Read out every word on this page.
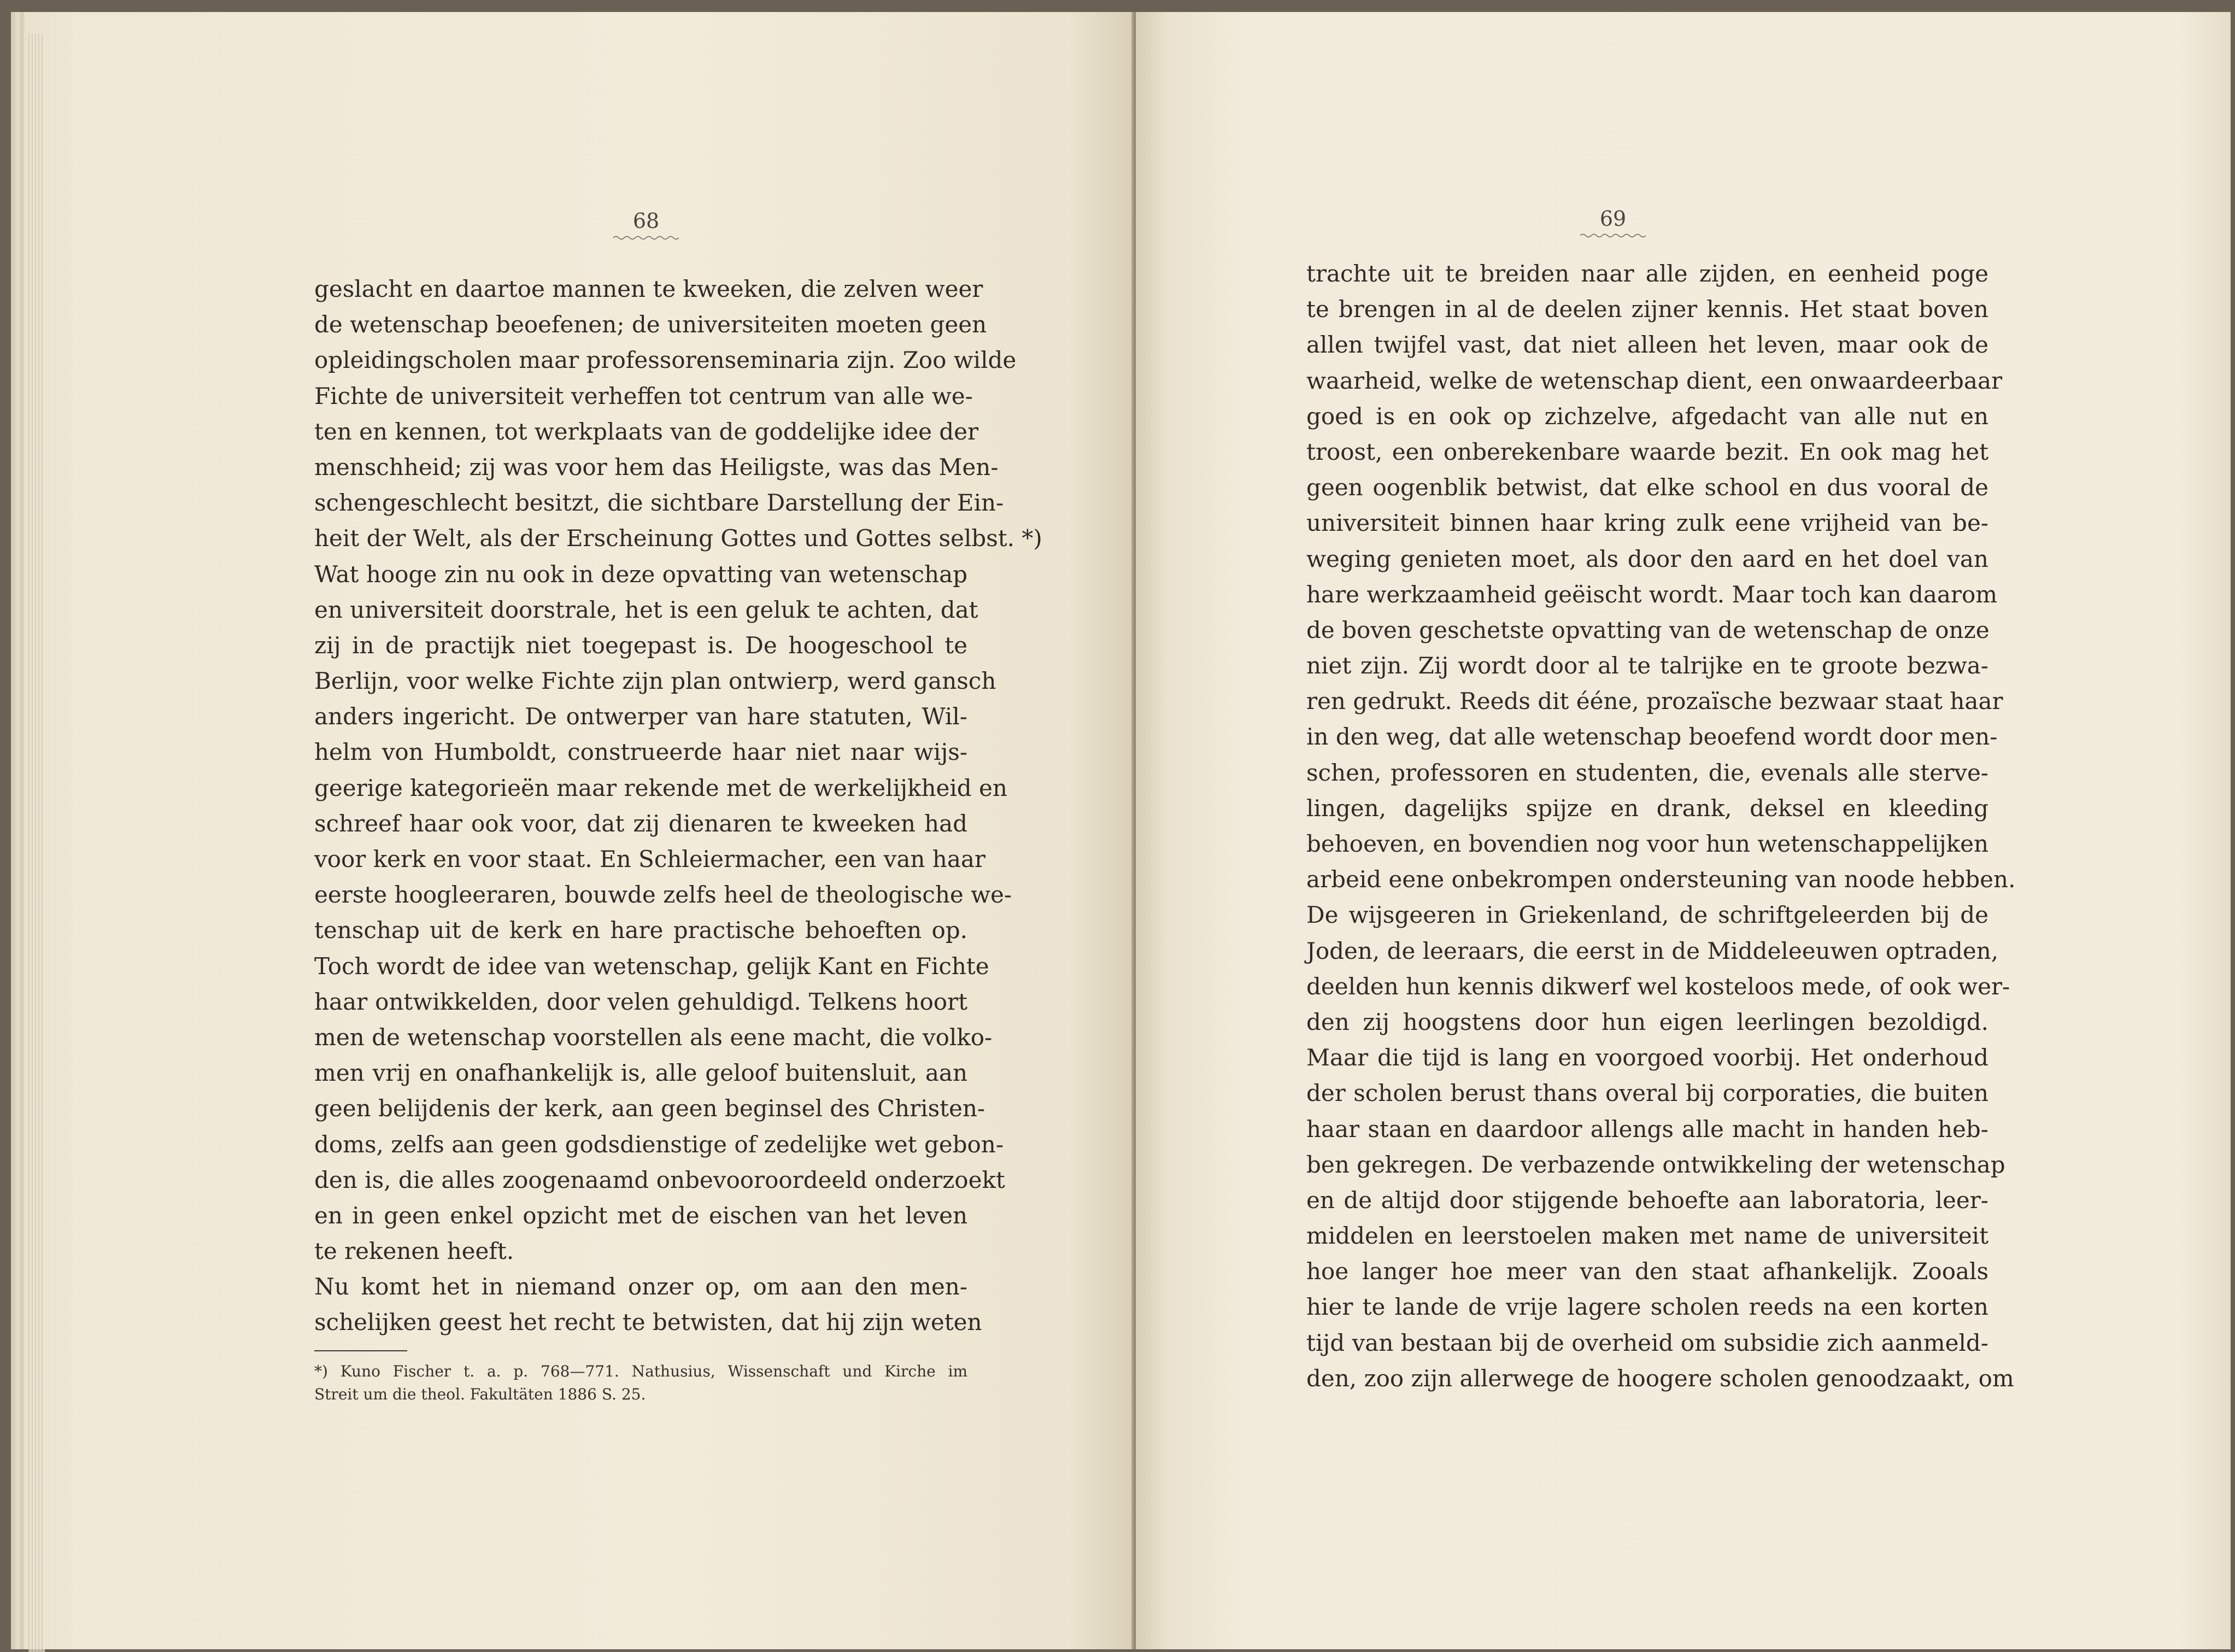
68
geslacht en daartoe mannen te kweeken, die zelven weer
de wetenschap beoefenen; de universiteiten moeten geen
opleidingscholen maar professorenseminaria zijn. Zoo wilde
Fichte de universiteit verheffen tot centrum van alle we-
ten en kennen, tot werkplaats van de goddelijke idee der
menschheid; zij was voor hem das Heiligste, was das Men-
schengeschlecht besitzt, die sichtbare Darstellung der Ein-
heit der Welt, als der Erscheinung Gottes und Gottes selbst. *)
Wat hooge zin nu ook in deze opvatting van wetenschap
en universiteit doorstrale, het is een geluk te achten, dat
zij in de practijk niet toegepast is. De hoogeschool te
Berlijn, voor welke Fichte zijn plan ontwierp, werd gansch
anders ingericht. De ontwerper van hare statuten, Wil-
helm von Humboldt, construeerde haar niet naar wijs-
geerige kategorieën maar rekende met de werkelijkheid en
schreef haar ook voor, dat zij dienaren te kweeken had
voor kerk en voor staat. En Schleiermacher, een van haar
eerste hoogleeraren, bouwde zelfs heel de theologische we-
tenschap uit de kerk en hare practische behoeften op.
Toch wordt de idee van wetenschap, gelijk Kant en Fichte
haar ontwikkelden, door velen gehuldigd. Telkens hoort
men de wetenschap voorstellen als eene macht, die volko-
men vrij en onafhankelijk is, alle geloof buitensluit, aan
geen belijdenis der kerk, aan geen beginsel des Christen-
doms, zelfs aan geen godsdienstige of zedelijke wet gebon-
den is, die alles zoogenaamd onbevooroordeeld onderzoekt
en in geen enkel opzicht met de eischen van het leven
te rekenen heeft.
Nu komt het in niemand onzer op, om aan den men-
schelijken geest het recht te betwisten, dat hij zijn weten
*) Kuno Fischer t. a. p. 768—771. Nathusius, Wissenschaft und Kirche im
Streit um die theol. Fakultäten 1886 S. 25.
69
trachte uit te breiden naar alle zijden, en eenheid poge
te brengen in al de deelen zijner kennis. Het staat boven
allen twijfel vast, dat niet alleen het leven, maar ook de
waarheid, welke de wetenschap dient, een onwaardeerbaar
goed is en ook op zichzelve, afgedacht van alle nut en
troost, een onberekenbare waarde bezit. En ook mag het
geen oogenblik betwist, dat elke school en dus vooral de
universiteit binnen haar kring zulk eene vrijheid van be-
weging genieten moet, als door den aard en het doel van
hare werkzaamheid geëischt wordt. Maar toch kan daarom
de boven geschetste opvatting van de wetenschap de onze
niet zijn. Zij wordt door al te talrijke en te groote bezwa-
ren gedrukt. Reeds dit ééne, prozaïsche bezwaar staat haar
in den weg, dat alle wetenschap beoefend wordt door men-
schen, professoren en studenten, die, evenals alle sterve-
lingen, dagelijks spijze en drank, deksel en kleeding
behoeven, en bovendien nog voor hun wetenschappelijken
arbeid eene onbekrompen ondersteuning van noode hebben.
De wijsgeeren in Griekenland, de schriftgeleerden bij de
Joden, de leeraars, die eerst in de Middeleeuwen optraden,
deelden hun kennis dikwerf wel kosteloos mede, of ook wer-
den zij hoogstens door hun eigen leerlingen bezoldigd.
Maar die tijd is lang en voorgoed voorbij. Het onderhoud
der scholen berust thans overal bij corporaties, die buiten
haar staan en daardoor allengs alle macht in handen heb-
ben gekregen. De verbazende ontwikkeling der wetenschap
en de altijd door stijgende behoefte aan laboratoria, leer-
middelen en leerstoelen maken met name de universiteit
hoe langer hoe meer van den staat afhankelijk. Zooals
hier te lande de vrije lagere scholen reeds na een korten
tijd van bestaan bij de overheid om subsidie zich aanmeld-
den, zoo zijn allerwege de hoogere scholen genoodzaakt, om
